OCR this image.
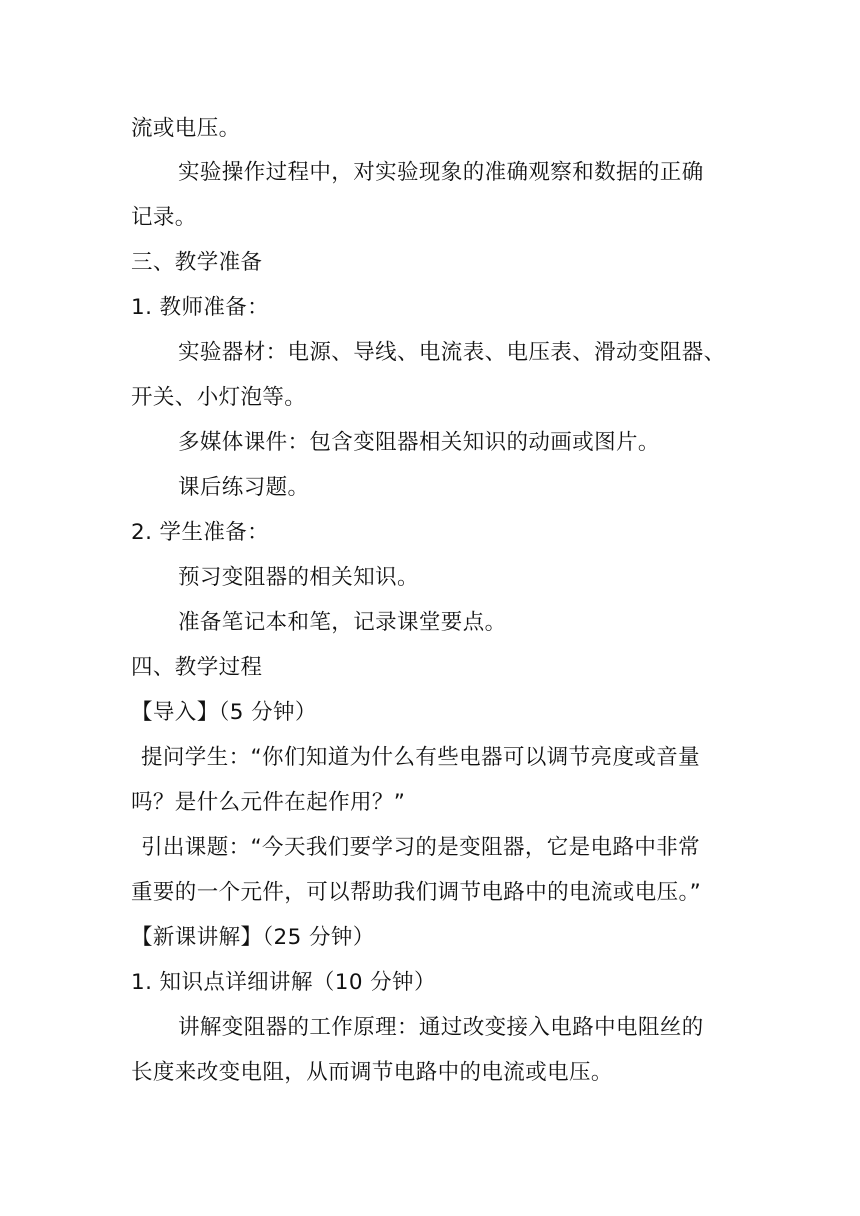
流或电压。
实验操作过程中，对实验现象的准确观察和数据的正确
记录。
三、教学准备
1. 教师准备：
实验器材：电源、导线、电流表、电压表、滑动变阻器、
开关、小灯泡等。
多媒体课件：包含变阻器相关知识的动画或图片。
课后练习题。
2. 学生准备：
预习变阻器的相关知识。
准备笔记本和笔，记录课堂要点。
四、教学过程
【导入】（5 分钟）
提问学生：“你们知道为什么有些电器可以调节亮度或音量
吗？是什么元件在起作用？”
引出课题：“今天我们要学习的是变阻器，它是电路中非常
重要的一个元件，可以帮助我们调节电路中的电流或电压。”
【新课讲解】（25 分钟）
1. 知识点详细讲解（10 分钟）
讲解变阻器的工作原理：通过改变接入电路中电阻丝的
长度来改变电阻，从而调节电路中的电流或电压。
